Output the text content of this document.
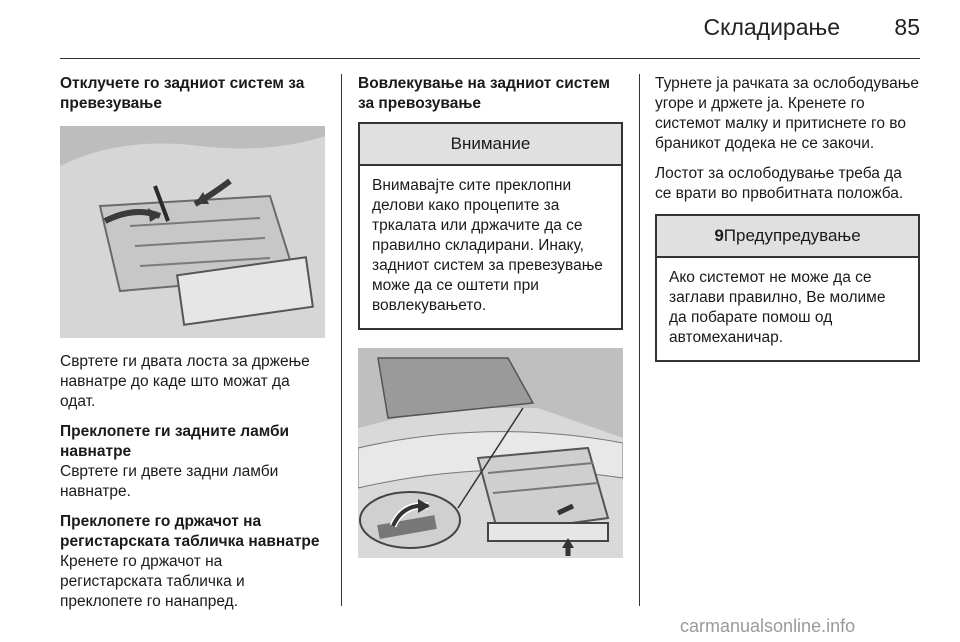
Складирање	85

Отклучете го задниот систем за превезување

Свртете ги двата лоста за држење навнатре до каде што можат да одат.

Преклопете ги задните ламби навнатре

Свртете ги двете задни ламби навнатре.

Преклопете го држачот на регистарската табличка навнатре

Кренете го држачот на регистарската табличка и преклопете го нанапред.

Вовлекување на задниот систем за превозување

Внимание
Внимавајте сите преклопни делови како процепите за тркалата или држачите да се правилно складирани. Инаку, задниот систем за превезување може да се оштети при вовлекувањето.

Турнете ја рачката за ослободување угоре и држете ја. Кренете го системот малку и притиснете го во браникот додека не се закочи.

Лостот за ослободување треба да се врати во првобитната положба.

9Предупредување
Ако системот не може да се заглави правилно, Ве молиме да побарате помош од автомеханичар.
carmanualsonline.info
